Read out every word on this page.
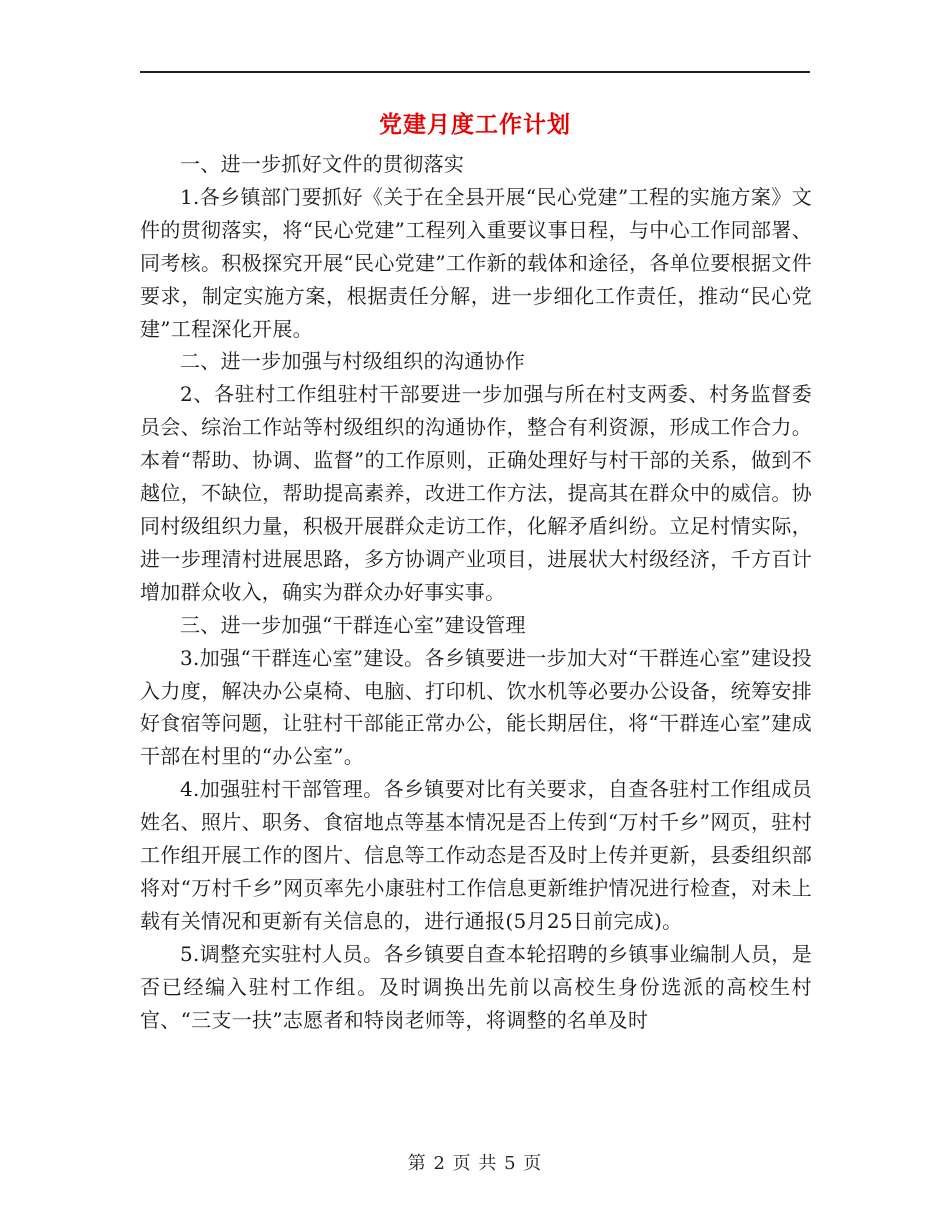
党建月度工作计划

一、进一步抓好文件的贯彻落实

1.各乡镇部门要抓好《关于在全县开展“民心党建”工程的实施方案》文件的贯彻落实，将“民心党建”工程列入重要议事日程，与中心工作同部署、同考核。积极探究开展“民心党建”工作新的载体和途径，各单位要根据文件要求，制定实施方案，根据责任分解，进一步细化工作责任，推动“民心党建”工程深化开展。

二、进一步加强与村级组织的沟通协作

2、各驻村工作组驻村干部要进一步加强与所在村支两委、村务监督委员会、综治工作站等村级组织的沟通协作，整合有利资源，形成工作合力。本着“帮助、协调、监督”的工作原则，正确处理好与村干部的关系，做到不越位，不缺位，帮助提高素养，改进工作方法，提高其在群众中的威信。协同村级组织力量，积极开展群众走访工作，化解矛盾纠纷。立足村情实际，进一步理清村进展思路，多方协调产业项目，进展状大村级经济，千方百计增加群众收入，确实为群众办好事实事。

三、进一步加强“干群连心室”建设管理

3.加强“干群连心室”建设。各乡镇要进一步加大对“干群连心室”建设投入力度，解决办公桌椅、电脑、打印机、饮水机等必要办公设备，统筹安排好食宿等问题，让驻村干部能正常办公，能长期居住，将“干群连心室”建成干部在村里的“办公室”。

4.加强驻村干部管理。各乡镇要对比有关要求，自查各驻村工作组成员姓名、照片、职务、食宿地点等基本情况是否上传到“万村千乡”网页，驻村工作组开展工作的图片、信息等工作动态是否及时上传并更新，县委组织部将对“万村千乡”网页率先小康驻村工作信息更新维护情况进行检查，对未上载有关情况和更新有关信息的，进行通报(5月25日前完成)。

5.调整充实驻村人员。各乡镇要自查本轮招聘的乡镇事业编制人员，是否已经编入驻村工作组。及时调换出先前以高校生身份选派的高校生村官、“三支一扶”志愿者和特岗老师等，将调整的名单及时

第 2 页 共 5 页
